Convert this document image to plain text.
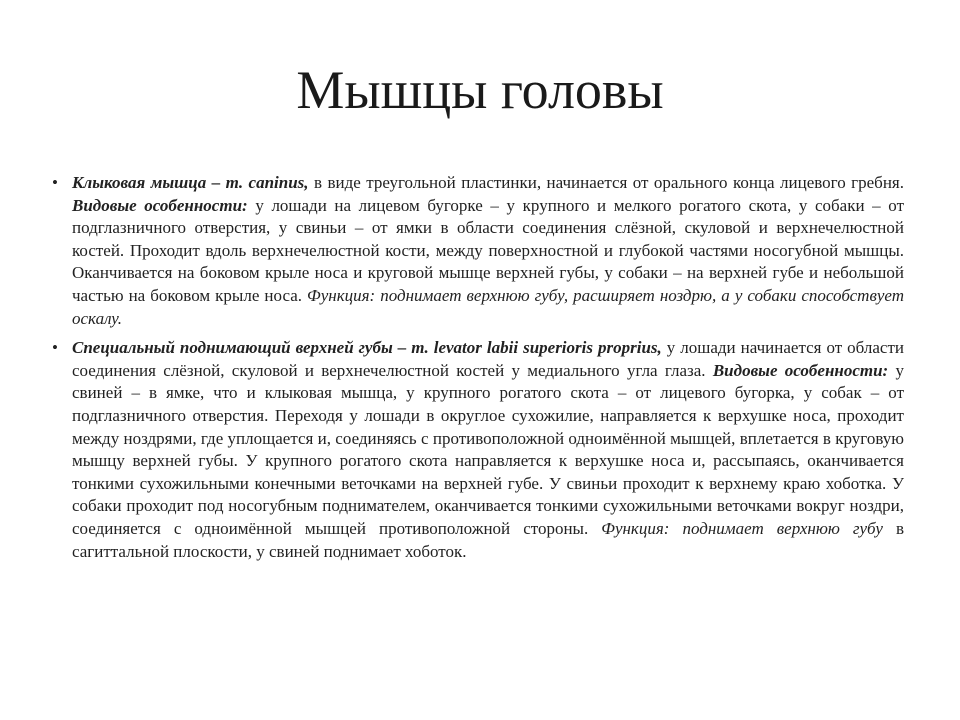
Мышцы головы

• Клыковая мышца – m. caninus, в виде треугольной пластинки, начинается от орального конца лицевого гребня. Видовые особенности: у лошади на лицевом бугорке – у крупного и мелкого рогатого скота, у собаки – от подглазничного отверстия, у свиньи – от ямки в области соединения слёзной, скуловой и верхнечелюстной костей. Проходит вдоль верхнечелюстной кости, между поверхностной и глубокой частями носогубной мышцы. Оканчивается на боковом крыле носа и круговой мышце верхней губы, у собаки – на верхней губе и небольшой частью на боковом крыле носа. Функция: поднимает верхнюю губу, расширяет ноздрю, а у собаки способствует оскалу.

• Специальный поднимающий верхней губы – m. levator labii superioris proprius, у лошади начинается от области соединения слёзной, скуловой и верхнечелюстной костей у медиального угла глаза. Видовые особенности: у свиней – в ямке, что и клыковая мышца, у крупного рогатого скота – от лицевого бугорка, у собак – от подглазничного отверстия. Переходя у лошади в округлое сухожилие, направляется к верхушке носа, проходит между ноздрями, где уплощается и, соединяясь с противоположной одноимённой мышцей, вплетается в круговую мышцу верхней губы. У крупного рогатого скота направляется к верхушке носа и, рассыпаясь, оканчивается тонкими сухожильными конечными веточками на верхней губе. У свиньи проходит к верхнему краю хоботка. У собаки проходит под носогубным поднимателем, оканчивается тонкими сухожильными веточками вокруг ноздри, соединяется с одноимённой мышцей противоположной стороны. Функция: поднимает верхнюю губу в сагиттальной плоскости, у свиней поднимает хоботок.
